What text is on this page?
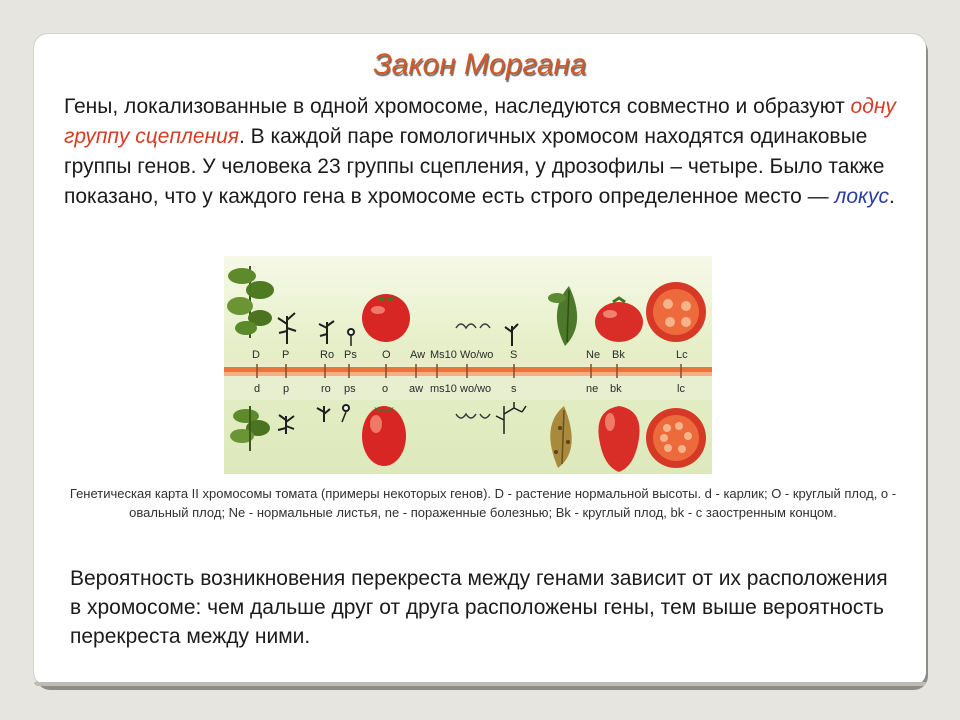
Закон Моргана
Гены, локализованные в одной хромосоме, наследуются совместно и образуют одну группу сцепления. В каждой паре гомологичных хромосом находятся одинаковые группы генов. У человека 23 группы сцепления, у дрозофилы – четыре. Было также показано, что у каждого гена в хромосоме есть строго определенное место — локус.
D P	Ro Ps O Aw Ms10 Wo/wo S	Ne Bk	Lc
d p	ro ps o aw ms10 wo/wo s	ne bk	lc
Генетическая карта II хромосомы томата (примеры некоторых генов). D - растение нормальной высоты. d - карлик; O - круглый плод, o - овальный плод; Ne - нормальные листья, ne - пораженные болезнью; Bk - круглый плод, bk - с заостренным концом.
Вероятность возникновения перекреста между генами зависит от их расположения в хромосоме: чем дальше друг от друга расположены гены, тем выше вероятность перекреста между ними.
